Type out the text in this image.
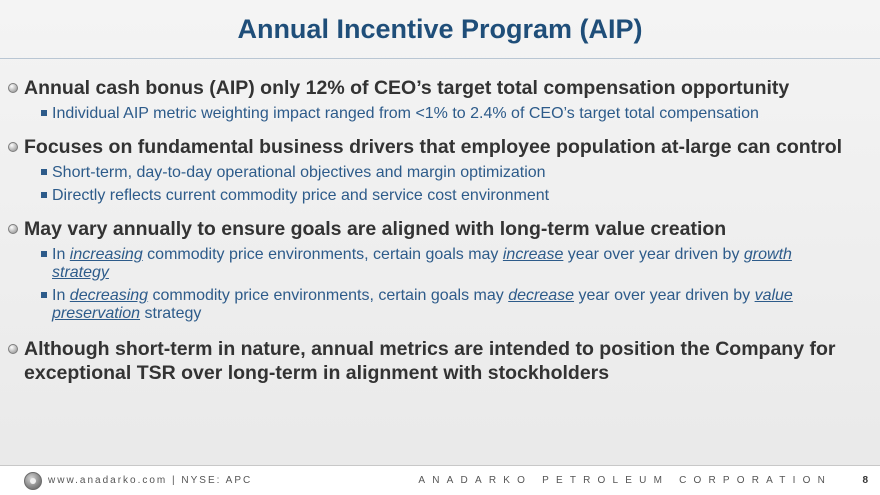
Annual Incentive Program (AIP)
Annual cash bonus (AIP) only 12% of CEO’s target total compensation opportunity
Individual AIP metric weighting impact ranged from <1% to 2.4% of CEO’s target total compensation
Focuses on fundamental business drivers that employee population at-large can control
Short-term, day-to-day operational objectives and margin optimization
Directly reflects current commodity price and service cost environment
May vary annually to ensure goals are aligned with long-term value creation
In increasing commodity price environments, certain goals may increase year over year driven by growth strategy
In decreasing commodity price environments, certain goals may decrease year over year driven by value preservation strategy
Although short-term in nature, annual metrics are intended to position the Company for exceptional TSR over long-term in alignment with stockholders
www.anadarko.com | NYSE: APC	ANADARKO PETROLEUM CORPORATION	8
